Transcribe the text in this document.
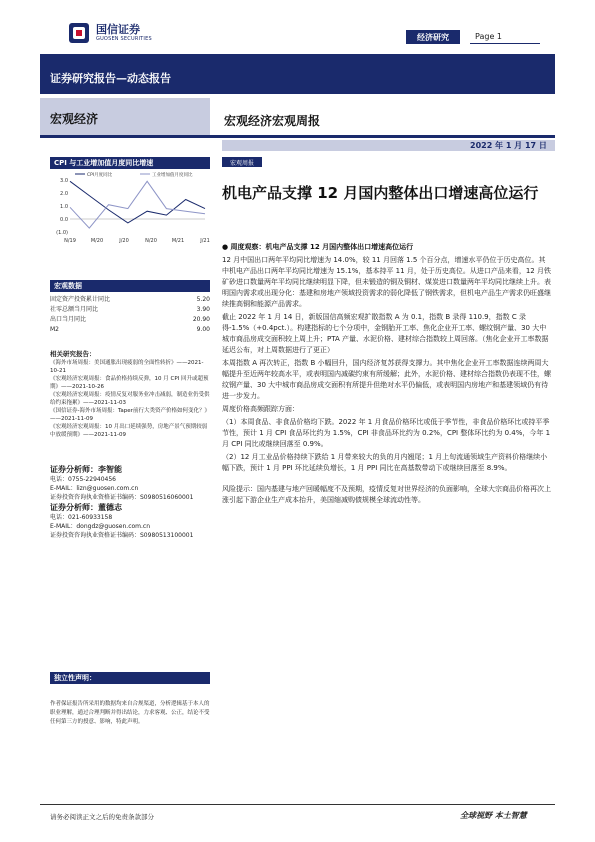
国信证券
GUOSEN SECURITIES	经济研究	Page 1
证券研究报告—动态报告
宏观经济	宏观经济宏观周报
2022 年 1 月 17 日
CPI 与工业增加值月度同比增速
3.0
2.0
1.0
0.0
(1.0)
N/19	M/20	J/20	N/20	M/21	J/21
CPI月度同比	工业增加值月度同比
宏观数据
固定资产投资累计同比	5.20
社零总额当月同比	3.90
出口当月同比	20.90
M2	9.00
相关研究报告：
《海外市场周报：美国通胀出现疲弱的全面性转折》——2021-10-21
《宏观经济宏观周报：食品价格持续反弹，10 月 CPI 回升或超预期》——2021-10-26
《宏观经济宏观周报：疫情反复对服务业冲击减弱，制造业仍受供给约束拖累》——2021-11-03
《国信证券-海外市场周报：Taper前行大类资产价格如何变化？》——2021-11-09
《宏观经济宏观周报：10 月出口延续强势，房地产景气预期较弱中放缓预期》——2021-11-09
证券分析师：李智能
电话：0755-22940456
E-MAIL：lizn@guosen.com.cn
证券投资咨询执业资格证书编码：S0980516060001
证券分析师：董德志
电话：021-60933158
E-MAIL：dongdz@guosen.com.cn
证券投资咨询执业资格证书编码：S0980513100001
独立性声明：
作者保证报告所采用的数据均来自合规渠道，分析逻辑基于本人的职业理解，通过合理判断并得出结论，力求客观、公正，结论不受任何第三方的授意、影响，特此声明。
宏观周报
机电产品支撑 12 月国内整体出口增速高位运行

● 周度观察：机电产品支撑 12 月国内整体出口增速高位运行

12 月中国出口两年平均同比增速为 14.0%，较 11 月回落 1.5 个百分点，增速水平仍位于历史高位。其中机电产品出口两年平均同比增速为 15.1%，基本持平 11 月，处于历史高位。从进口产品来看，12 月铁矿砂进口数量两年平均同比继续明显下降，但未锻造的铜及铜材、煤炭进口数量两年平均同比继续上升。表明国内需求或出现分化：基建和房地产领域投资需求的弱化降低了钢铁需求，但机电产品生产需求仍旺盛继续推高铜和能源产品需求。

截止 2022 年 1 月 14 日，新版国信高频宏观扩散指数 A 为 0.1，指数 B 录得 110.9，指数 C 录得-1.5%（+0.4pct.）。构建指标的七个分项中，金钢胎开工率、焦化企业开工率、螺纹钢产量、30 大中城市商品房成交面积较上周上升；PTA 产量、水泥价格、建材综合指数较上周回落。（焦化企业开工率数据延迟公布，对上周数据进行了更正）

本周指数 A 再次转正，指数 B 小幅回升，国内经济复苏获得支撑力。其中焦化企业开工率数据连续两周大幅提升至近两年较高水平，或表明国内减碳约束有所缓解；此外，水泥价格、建材综合指数仍表现不佳，螺纹钢产量、30 大中城市商品房成交面积有所提升但绝对水平仍偏低，或表明国内房地产和基建领域仍有待进一步发力。

周度价格高频跟踪方面：

（1）本周食品、非食品价格均下跌。2022 年 1 月食品价格环比或低于季节性，非食品价格环比或持平季节性，预计 1 月 CPI 食品环比约为 1.5%，CPI 非食品环比约为 0.2%，CPI 整体环比约为 0.4%，今年 1 月 CPI 同比或继续回落至 0.9%。

（2）12 月工业品价格持续下跌给 1 月带来较大的负的月内翘尾；1 月上旬流通领域生产资料价格继续小幅下跌，预计 1 月 PPI 环比延续负增长，1 月 PPI 同比在高基数带动下或继续回落至 8.9%。

风险提示：国内基建与地产回暖幅度不及预期，疫情反复对世界经济的负面影响，全球大宗商品价格再次上涨引起下游企业生产成本抬升，美国缩减购债规模全球流动性等。

请务必阅读正文之后的免责条款部分	全球视野 本土智慧
